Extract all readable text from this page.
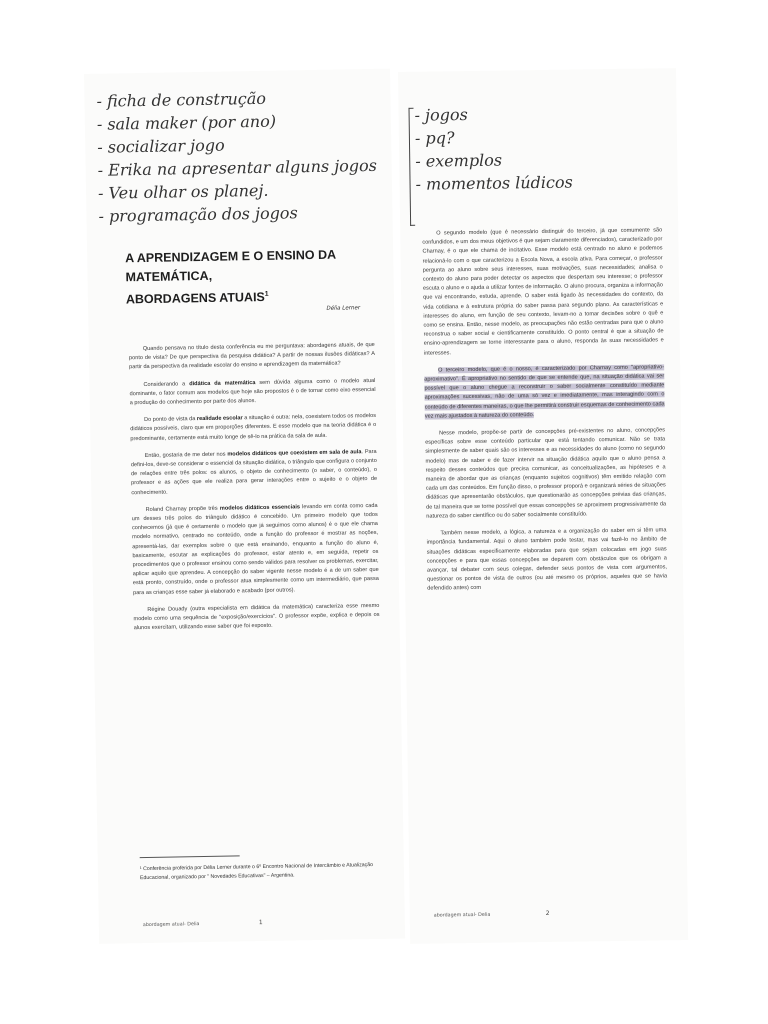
- ficha de construção
- sala maker (por ano)
- socializar jogo
- Erika na apresentar alguns jogos
- Veu olhar os planej.
- programação dos jogos
A APRENDIZAGEM E O ENSINO DA MATEMÁTICA,
ABORDAGENS ATUAIS$^1$
Délia Lerner

Quando pensava no título desta conferência eu me perguntava: abordagens atuais, de que ponto de vista? De que perspectiva da pesquisa didática? A partir de nossas ilusões didáticas? A partir da perspectiva da realidade escolar do ensino e aprendizagem da matemática?

Considerando a didática da matemática sem dúvida alguma como o modelo atual dominante, o fator comum aos modelos que hoje são propostos é o de tornar como eixo essencial a produção do conhecimento por parte dos alunos.

Do ponto de vista da realidade escolar a situação é outra: nela, coexistem todos os modelos didáticos possíveis, claro que em proporções diferentes. E esse modelo que na teoria didática é o predominante, certamente está muito longe de sê-lo na prática da sala de aula.

Então, gostaria de me deter nos modelos didáticos que coexistem em sala de aula. Para defini-los, deve-se considerar o essencial da situação didática, o triângulo que configura o conjunto de relações entre três polos: os alunos, o objeto de conhecimento (o saber, o conteúdo), o professor e as ações que ele realiza para gerar interações entre o sujeito e o objeto de conhecimento.

Roland Charnay propõe três modelos didáticos essenciais levando em conta como cada um desses três polos do triângulo didático é concebido. Um primeiro modelo que todos conhecemos (já que é certamente o modelo que já seguimos como alunos) é o que ele chama modelo normativo, centrado no conteúdo, onde a função do professor é mostrar as noções, apresentá-las, dar exemplos sobre o que está ensinando, enquanto a função do aluno é, basicamente, escutar as explicações do professor, estar atento e, em seguida, repetir os procedimentos que o professor ensinou como sendo válidos para resolver os problemas, exercitar, aplicar aquilo que aprendeu. A concepção do saber vigente nesse modelo é a de um saber que está pronto, construído, onde o professor atua simplesmente como um intermediário, que passa para as crianças esse saber já elaborado e acabado (por outros).

Régine Douady (outra especialista em didática da matemática) caracteriza esse mesmo modelo como uma sequência de "exposição/exercícios". O professor expõe, explica e depois os alunos exercitam, utilizando esse saber que foi exposto.

¹ Conferência proferida por Délia Lerner durante o 6º Encontro Nacional de Intercâmbio e Atualização Educacional, organizado por " Novedades Educativas" – Argentina.
abordagem atual- Delia	1
- jogos
- pq?
- exemplos
- momentos lúdicos

O segundo modelo (que é necessário distinguir do terceiro, já que comumente são confundidos, e um dos meus objetivos é que sejam claramente diferenciados), caracterizado por Charnay, é o que ele chama de incitativo. Esse modelo está centrado no aluno e podemos relacioná-lo com o que caracterizou a Escola Nova, a escola ativa. Para começar, o professor pergunta ao aluno sobre seus interesses, suas motivações, suas necessidades; analisa o contexto do aluno para poder detectar os aspectos que despertam seu interesse; o professor escuta o aluno e o ajuda a utilizar fontes de informação. O aluno procura, organiza a informação que vai encontrando, estuda, aprende. O saber está ligado às necessidades do contexto, da vida cotidiana e à estrutura própria do saber passa para segundo plano. As características e interesses do aluno, em função de seu contexto, levam-no a tomar decisões sobre o quê e como se ensina. Então, nesse modelo, as preocupações não estão centradas para que o aluno reconstrua o saber social e cientificamente constituído. O ponto central é que a situação de ensino-aprendizagem se torne interessante para o aluno, responda às suas necessidades e interesses.

O terceiro modelo, que é o nosso, é caracterizado por Charnay como "apropriativo-aproximativo". É apropriativo no sentido de que se entende que, na situação didática vai ser possível que o aluno chegue a reconstruir o saber socialmente constituído mediante aproximações sucessivas, não de uma só vez e imediatamente, mas interagindo com o conteúdo de diferentes maneiras, o que lhe permitirá construir esquemas de conhecimento cada vez mais ajustados à natureza do conteúdo.

Nesse modelo, propõe-se partir de concepções pré-existentes no aluno, concepções específicas sobre esse conteúdo particular que está tentando comunicar. Não se trata simplesmente de saber quais são os interesses e as necessidades do aluno (como no segundo modelo) mas de saber e de fazer intervir na situação didática aquilo que o aluno pensa a respeito desses conteúdos que precisa comunicar, as conceitualizações, as hipóteses e a maneira de abordar que as crianças (enquanto sujeitos cognitivos) têm emitido relação com cada um das conteúdos. Em função disso, o professor proporá e organizará séries de situações didáticas que apresentarão obstáculos, que questionarão as concepções prévias das crianças, de tal maneira que se torne possível que essas concepções se aproximem progressivamente da natureza do saber científico ou do saber socialmente constituído.

Também nesse modelo, a lógica, a natureza e a organização do saber em si têm uma importância fundamental. Aqui o aluno também pode testar, mas vai fazê-lo no âmbito de situações didáticas especificamente elaboradas para que sejam colocadas em jogo suas concepções e para que essas concepções se deparem com obstáculos que os obrigam a avançar, tal debater com seus colegas, defender seus pontos de vista com argumentos, questionar os pontos de vista de outros (ou até mesmo os próprios, aqueles que se havia defendido antes) com

abordagem atual- Delia	2
